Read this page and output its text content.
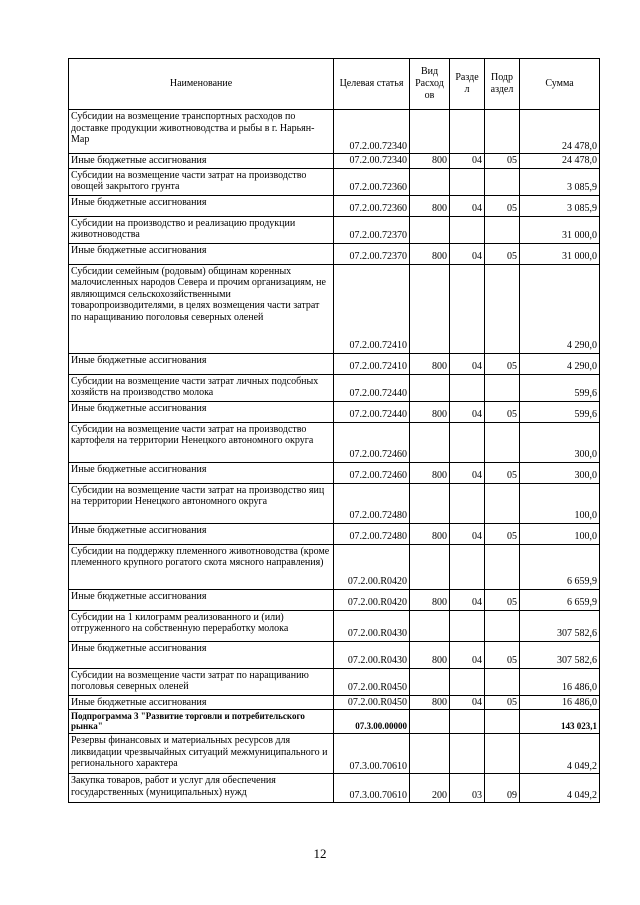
Наименование	Целевая статья	Вид Расход ов	Разде л	Подр аздел	Сумма
Субсидии на возмещение транспортных расходов по доставке продукции животноводства и рыбы в г. Нарьян-Мар	07.2.00.72340				24 478,0
Иные бюджетные ассигнования	07.2.00.72340	800	04	05	24 478,0
Субсидии на возмещение части затрат на производство овощей закрытого грунта	07.2.00.72360				3 085,9
Иные бюджетные ассигнования	07.2.00.72360	800	04	05	3 085,9
Субсидии на производство и реализацию продукции животноводства	07.2.00.72370				31 000,0
Иные бюджетные ассигнования	07.2.00.72370	800	04	05	31 000,0
Субсидии семейным (родовым) общинам коренных малочисленных народов Севера и прочим организациям, не являющимся сельскохозяйственными товаропроизводителями, в целях возмещения части затрат по наращиванию поголовья северных оленей	07.2.00.72410				4 290,0
Иные бюджетные ассигнования	07.2.00.72410	800	04	05	4 290,0
Субсидии на возмещение части затрат личных подсобных хозяйств на производство молока	07.2.00.72440				599,6
Иные бюджетные ассигнования	07.2.00.72440	800	04	05	599,6
Субсидии на возмещение части затрат на производство картофеля на территории Ненецкого автономного округа	07.2.00.72460				300,0
Иные бюджетные ассигнования	07.2.00.72460	800	04	05	300,0
Субсидии на возмещение части затрат на производство яиц на территории Ненецкого автономного округа	07.2.00.72480				100,0
Иные бюджетные ассигнования	07.2.00.72480	800	04	05	100,0
Субсидии на поддержку племенного животноводства (кроме племенного крупного рогатого скота мясного направления)	07.2.00.R0420				6 659,9
Иные бюджетные ассигнования	07.2.00.R0420	800	04	05	6 659,9
Субсидии на 1 килограмм реализованного и (или) отгруженного на собственную переработку молока	07.2.00.R0430				307 582,6
Иные бюджетные ассигнования	07.2.00.R0430	800	04	05	307 582,6
Субсидии на возмещение части затрат по наращиванию поголовья северных оленей	07.2.00.R0450				16 486,0
Иные бюджетные ассигнования	07.2.00.R0450	800	04	05	16 486,0
Подпрограмма 3 "Развитие торговли и потребительского рынка"	07.3.00.00000				143 023,1
Резервы финансовых и материальных ресурсов для ликвидации чрезвычайных ситуаций межмуниципального и регионального характера	07.3.00.70610				4 049,2
Закупка товаров, работ и услуг для обеспечения государственных (муниципальных) нужд	07.3.00.70610	200	03	09	4 049,2
12
